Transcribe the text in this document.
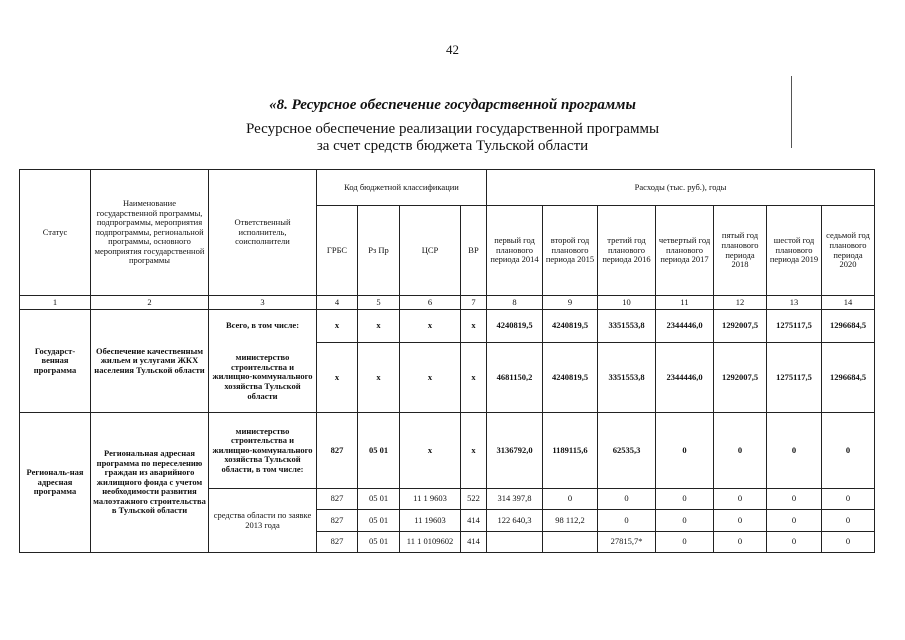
42
«8. Ресурсное обеспечение государственной программы
Ресурсное обеспечение реализации государственной программы
за счет средств бюджета Тульской области
Статус	Наименование государственной программы, подпрограммы, мероприятия подпрограммы, региональной программы, основного мероприятия государственной программы	Ответственный исполнитель, соисполнители	Код бюджетной классификации				Расходы (тыс. руб.), годы						
			ГРБС	Рз Пр	ЦСР	ВР	первый год планового периода 2014	второй год планового периода 2015	третий год планового периода 2016	четвертый год планового периода 2017	пятый год планового периода 2018	шестой год планового периода 2019	седьмой год планового периода 2020
1	2	3	4	5	6	7	8	9	10	11	12	13	14
Государст-венная программа	Обеспечение качественным жильем и услугами ЖКХ населения Тульской области	Всего, в том числе:	x	x	x	x	4240819,5	4240819,5	3351553,8	2344446,0	1292007,5	1275117,5	1296684,5
		министерство строительства и жилищно-коммунального хозяйства Тульской области	x	x	x	x	4681150,2	4240819,5	3351553,8	2344446,0	1292007,5	1275117,5	1296684,5
Региональ-ная адресная программа	Региональная адресная программа по переселению граждан из аварийного жилищного фонда с учетом необходимости развития малоэтажного строительства в Тульской области	министерство строительства и жилищно-коммунального хозяйства Тульской области, в том числе:	827	05 01	x	x	3136792,0	1189115,6	62535,3	0	0	0	0
		средства области по заявке 2013 года	827	05 01	11 1 9603	522	314 397,8	0	0	0	0	0	0
			827	05 01	11 19603	414	122 640,3	98 112,2	0	0	0	0	0
			827	05 01	11 1 0109602	414			27815,7*	0	0	0	0
